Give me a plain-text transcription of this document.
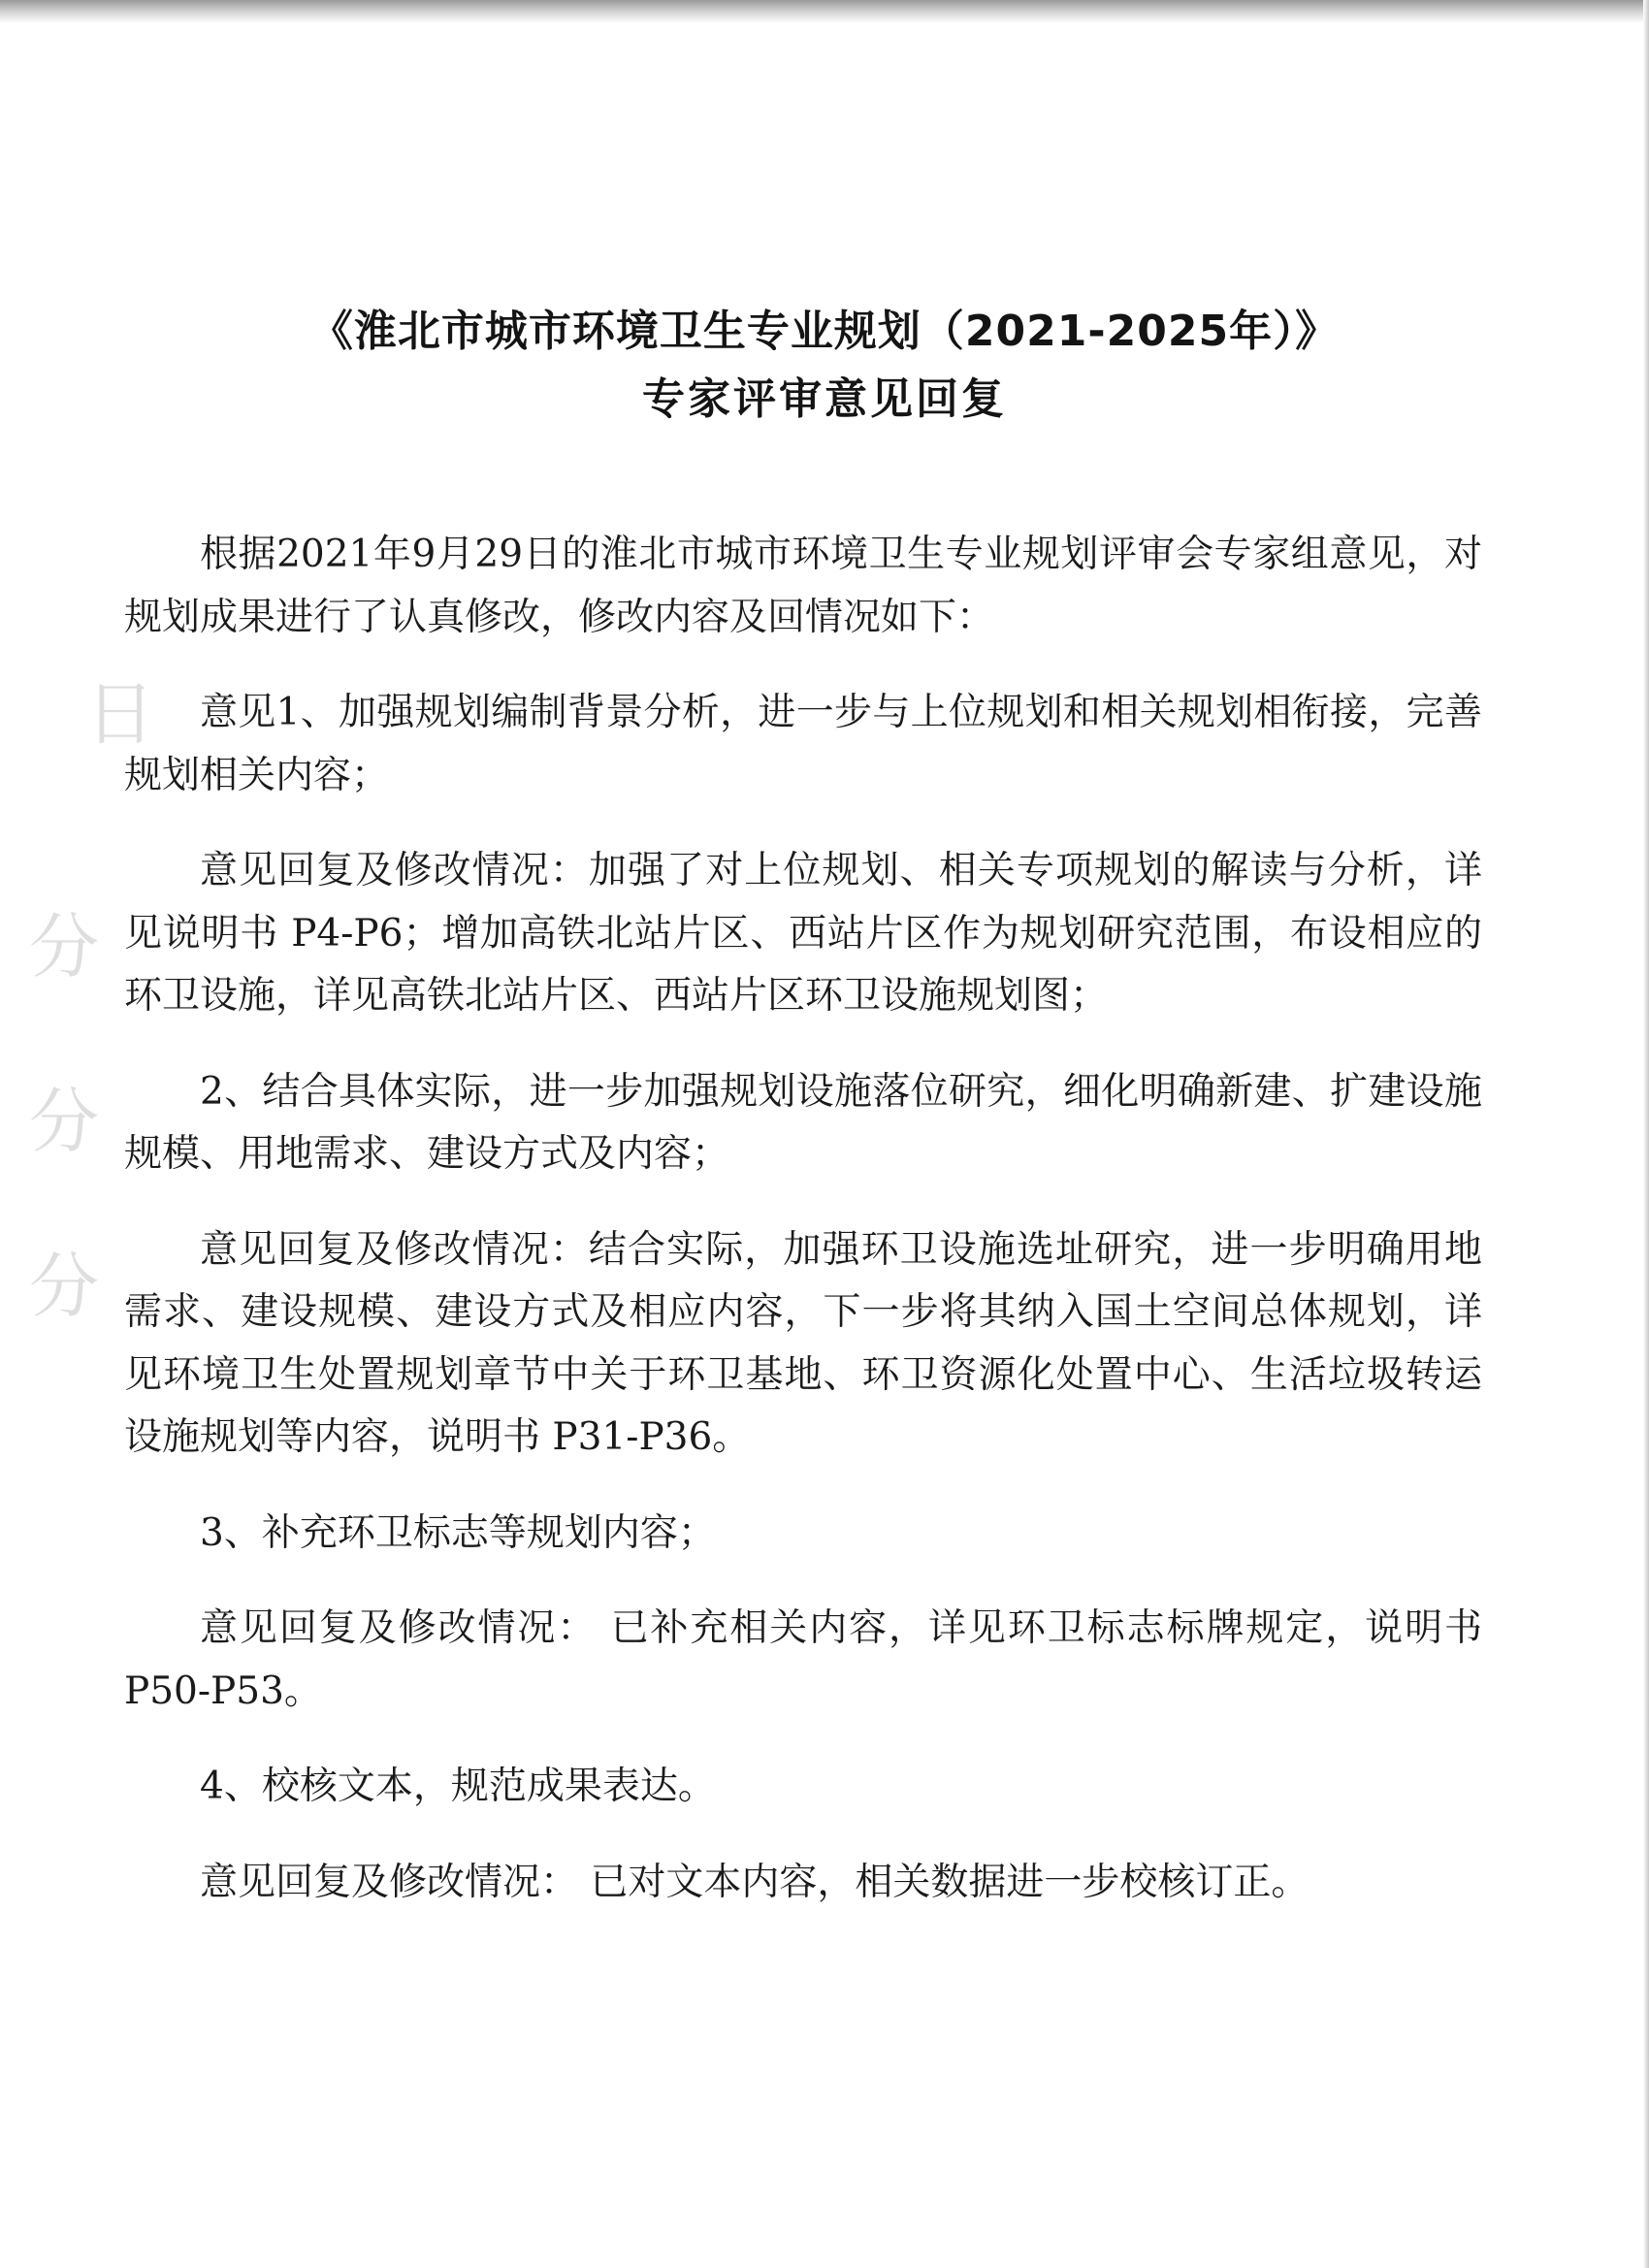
日
分
分
分
《淮北市城市环境卫生专业规划（2021-2025年）》
专家评审意见回复

根据2021年9月29日的淮北市城市环境卫生专业规划评审会专家组意见，对规划成果进行了认真修改，修改内容及回情况如下：

意见1、加强规划编制背景分析，进一步与上位规划和相关规划相衔接，完善规划相关内容；

意见回复及修改情况：加强了对上位规划、相关专项规划的解读与分析，详见说明书 P4-P6；增加高铁北站片区、西站片区作为规划研究范围，布设相应的环卫设施，详见高铁北站片区、西站片区环卫设施规划图；

2、结合具体实际，进一步加强规划设施落位研究，细化明确新建、扩建设施规模、用地需求、建设方式及内容；

意见回复及修改情况：结合实际，加强环卫设施选址研究，进一步明确用地需求、建设规模、建设方式及相应内容，下一步将其纳入国土空间总体规划，详见环境卫生处置规划章节中关于环卫基地、环卫资源化处置中心、生活垃圾转运设施规划等内容，说明书 P31-P36。

3、补充环卫标志等规划内容；

意见回复及修改情况： 已补充相关内容，详见环卫标志标牌规定，说明书 P50-P53。

4、校核文本，规范成果表达。

意见回复及修改情况： 已对文本内容，相关数据进一步校核订正。
